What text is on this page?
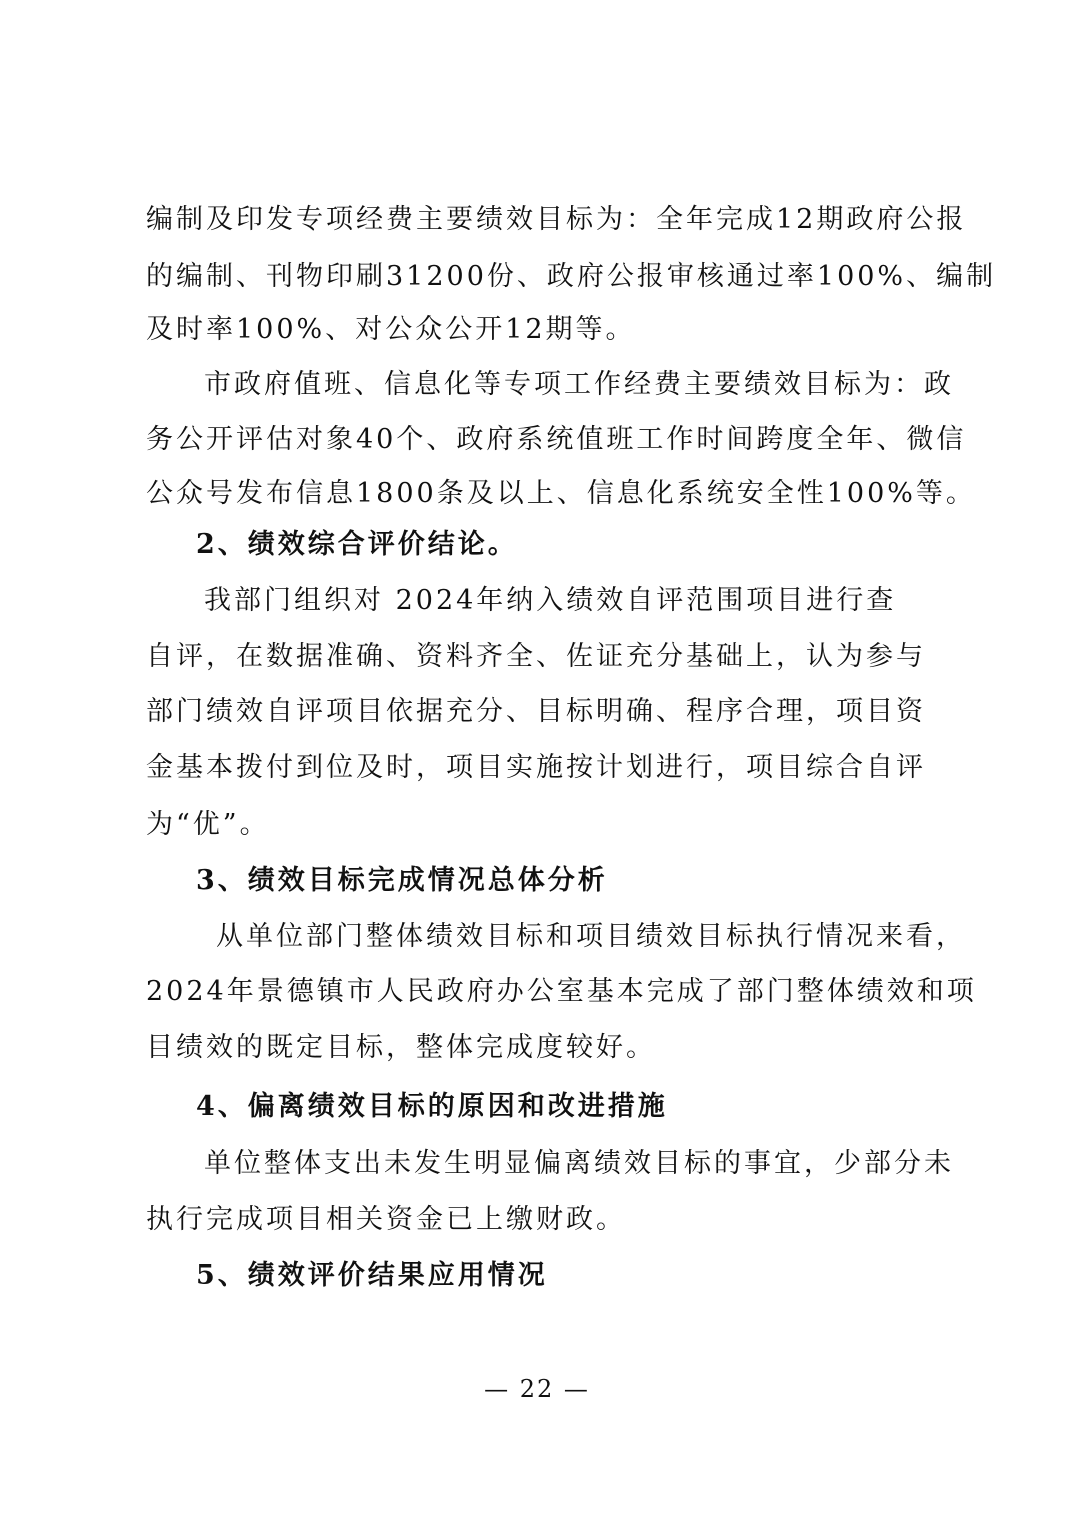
编制及印发专项经费主要绩效目标为：全年完成12期政府公报
的编制、刊物印刷31200份、政府公报审核通过率100%、编制
及时率100%、对公众公开12期等。
市政府值班、信息化等专项工作经费主要绩效目标为：政
务公开评估对象40个、政府系统值班工作时间跨度全年、微信
公众号发布信息1800条及以上、信息化系统安全性100%等。
2、绩效综合评价结论。
我部门组织对 2024年纳入绩效自评范围项目进行查
自评，在数据准确、资料齐全、佐证充分基础上，认为参与
部门绩效自评项目依据充分、目标明确、程序合理，项目资
金基本拨付到位及时，项目实施按计划进行，项目综合自评
为“优”。
3、绩效目标完成情况总体分析
从单位部门整体绩效目标和项目绩效目标执行情况来看，
2024年景德镇市人民政府办公室基本完成了部门整体绩效和项
目绩效的既定目标，整体完成度较好。
4、偏离绩效目标的原因和改进措施
单位整体支出未发生明显偏离绩效目标的事宜，少部分未
执行完成项目相关资金已上缴财政。
5、绩效评价结果应用情况
— 22 —
